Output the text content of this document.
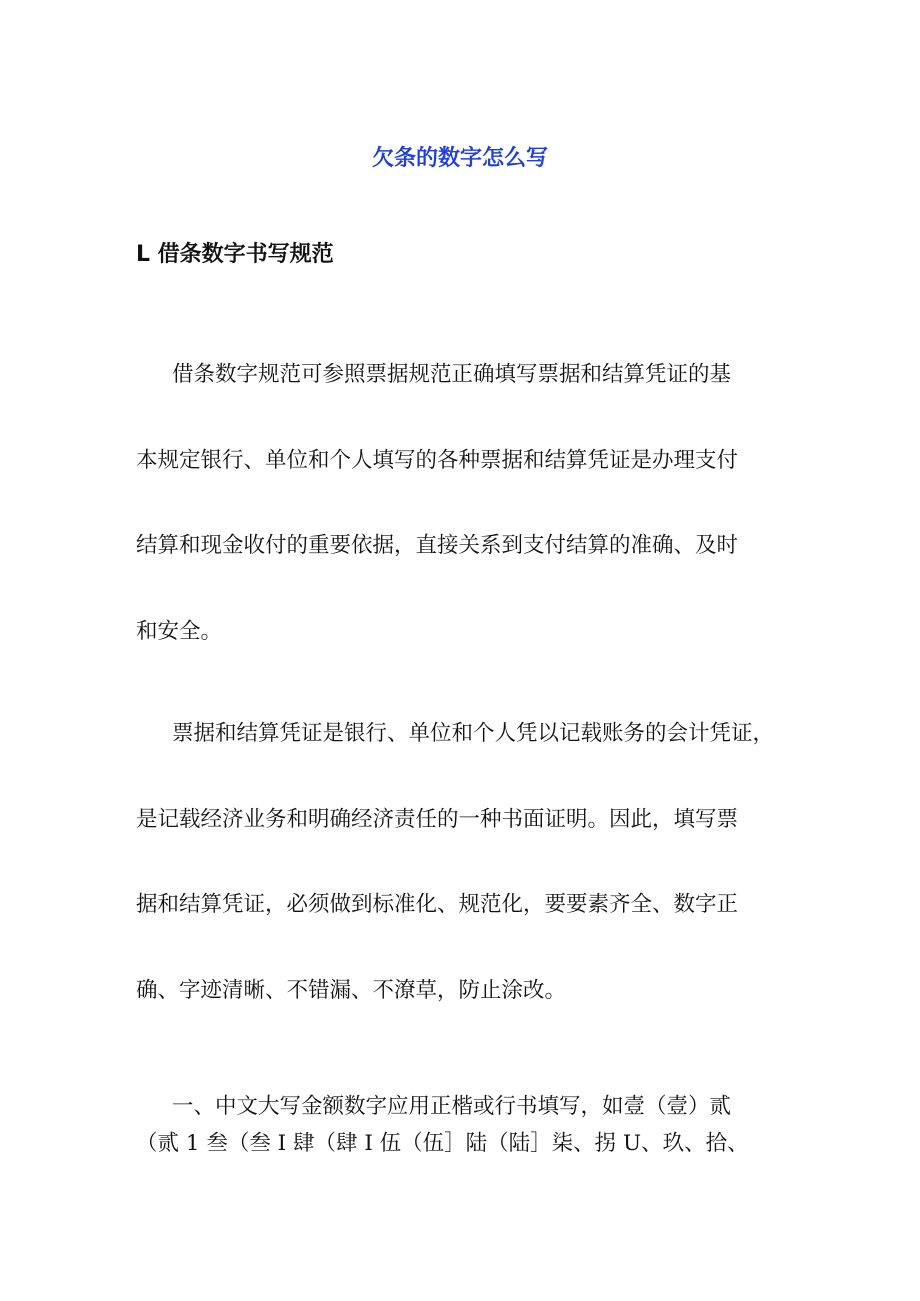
欠条的数字怎么写
L 借条数字书写规范

借条数字规范可参照票据规范正确填写票据和结算凭证的基
本规定银行、单位和个人填写的各种票据和结算凭证是办理支付
结算和现金收付的重要依据，直接关系到支付结算的准确、及时
和安全。

票据和结算凭证是银行、单位和个人凭以记载账务的会计凭证，
是记载经济业务和明确经济责任的一种书面证明。因此，填写票
据和结算凭证，必须做到标准化、规范化，要要素齐全、数字正
确、字迹清晰、不错漏、不潦草，防止涂改。

一、中文大写金额数字应用正楷或行书填写，如壹（壹）贰
（贰 1 叁（叁 I 肆（肆 I 伍（伍］陆（陆］柒、拐 U、玖、拾、
